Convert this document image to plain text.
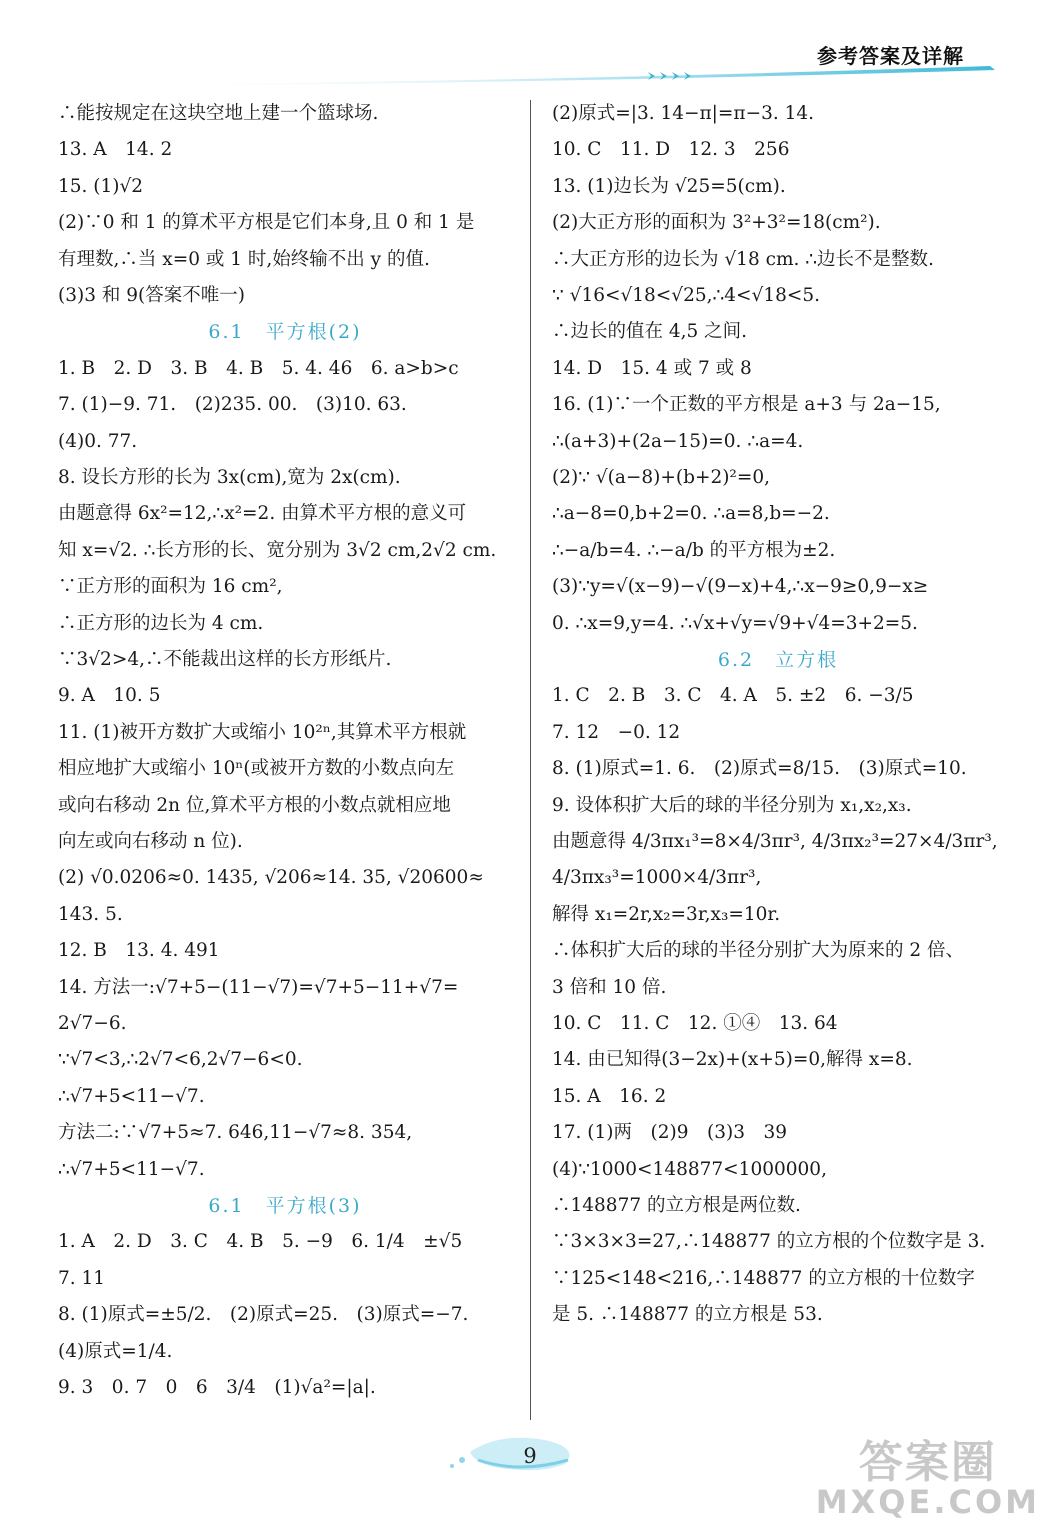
参考答案及详解
∴能按规定在这块空地上建一个篮球场.
13. A　14. 2
15. (1)√2
(2)∵0 和 1 的算术平方根是它们本身,且 0 和 1 是
有理数,∴当 x=0 或 1 时,始终输不出 y 的值.
(3)3 和 9(答案不唯一)
6.1　平方根(2)
1. B　2. D　3. B　4. B　5. 4. 46　6. a>b>c
7. (1)−9. 71.　(2)235. 00.　(3)10. 63.
(4)0. 77.
8. 设长方形的长为 3x(cm),宽为 2x(cm).
由题意得 6x²=12,∴x²=2. 由算术平方根的意义可
知 x=√2. ∴长方形的长、宽分别为 3√2 cm,2√2 cm.
∵正方形的面积为 16 cm²,
∴正方形的边长为 4 cm.
∵3√2>4,∴不能裁出这样的长方形纸片.
9. A　10. 5
11. (1)被开方数扩大或缩小 10²ⁿ,其算术平方根就
相应地扩大或缩小 10ⁿ(或被开方数的小数点向左
或向右移动 2n 位,算术平方根的小数点就相应地
向左或向右移动 n 位).
(2) √0.0206≈0. 1435, √206≈14. 35, √20600≈
143. 5.
12. B　13. 4. 491
14. 方法一:√7+5−(11−√7)=√7+5−11+√7=
2√7−6.
∵√7<3,∴2√7<6,2√7−6<0.
∴√7+5<11−√7.
方法二:∵√7+5≈7. 646,11−√7≈8. 354,
∴√7+5<11−√7.
6.1　平方根(3)
1. A　2. D　3. C　4. B　5. −9　6. 1/4　±√5
7. 11
8. (1)原式=±5/2.　(2)原式=25.　(3)原式=−7.
(4)原式=1/4.
9. 3　0. 7　0　6　3/4　(1)√a²=|a|.
(2)原式=|3. 14−π|=π−3. 14.
10. C　11. D　12. 3　256
13. (1)边长为 √25=5(cm).
(2)大正方形的面积为 3²+3²=18(cm²).
∴大正方形的边长为 √18 cm. ∴边长不是整数.
∵ √16<√18<√25,∴4<√18<5.
∴边长的值在 4,5 之间.
14. D　15. 4 或 7 或 8
16. (1)∵一个正数的平方根是 a+3 与 2a−15,
∴(a+3)+(2a−15)=0. ∴a=4.
(2)∵ √(a−8)+(b+2)²=0,
∴a−8=0,b+2=0. ∴a=8,b=−2.
∴−a/b=4. ∴−a/b 的平方根为±2.
(3)∵y=√(x−9)−√(9−x)+4,∴x−9≥0,9−x≥
0. ∴x=9,y=4. ∴√x+√y=√9+√4=3+2=5.
6.2　立方根
1. C　2. B　3. C　4. A　5. ±2　6. −3/5
7. 12　−0. 12
8. (1)原式=1. 6.　(2)原式=8/15.　(3)原式=10.
9. 设体积扩大后的球的半径分别为 x₁,x₂,x₃.
由题意得 4/3πx₁³=8×4/3πr³, 4/3πx₂³=27×4/3πr³,
4/3πx₃³=1000×4/3πr³,
解得 x₁=2r,x₂=3r,x₃=10r.
∴体积扩大后的球的半径分别扩大为原来的 2 倍、
3 倍和 10 倍.
10. C　11. C　12. ①④　13. 64
14. 由已知得(3−2x)+(x+5)=0,解得 x=8.
15. A　16. 2
17. (1)两　(2)9　(3)3　39
(4)∵1000<148877<1000000,
∴148877 的立方根是两位数.
∵3×3×3=27,∴148877 的立方根的个位数字是 3.
∵125<148<216,∴148877 的立方根的十位数字
是 5. ∴148877 的立方根是 53.
9	答案圈
MXQE.COM
